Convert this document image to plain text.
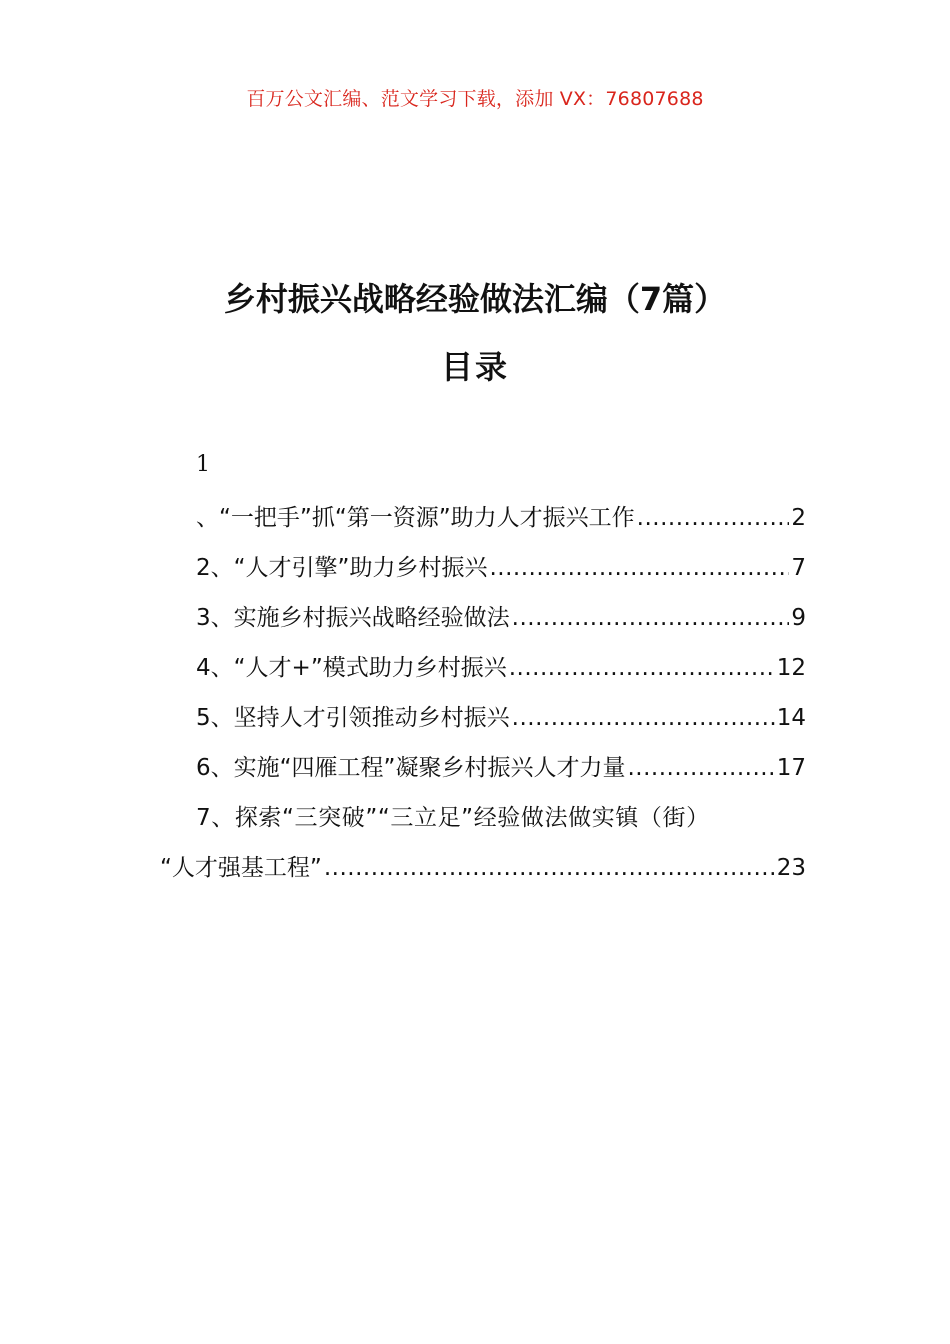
百万公文汇编、范文学习下载，添加 VX：76807688
乡村振兴战略经验做法汇编（7篇）
目录
1
、“一把手”抓“第一资源”助力人才振兴工作 .....	2
2 、“人才引擎”助力乡村振兴 .....	7
3 、实施乡村振兴战略经验做法 .....	9
4 、“人才+”模式助力乡村振兴 .....	12
5 、坚持人才引领推动乡村振兴 .....	14
6 、实施“四雁工程”凝聚乡村振兴人才力量 .....	17
7、探索“三突破”“三立足”经验做法做实镇（街）
“人才强基工程” .....	23
